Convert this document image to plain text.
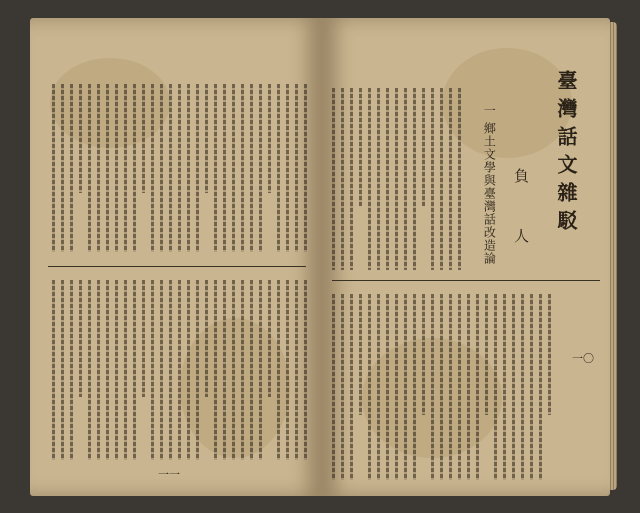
一一
臺灣話文雜駁
負
人
一 鄉土文學與臺灣話改造論
一〇
